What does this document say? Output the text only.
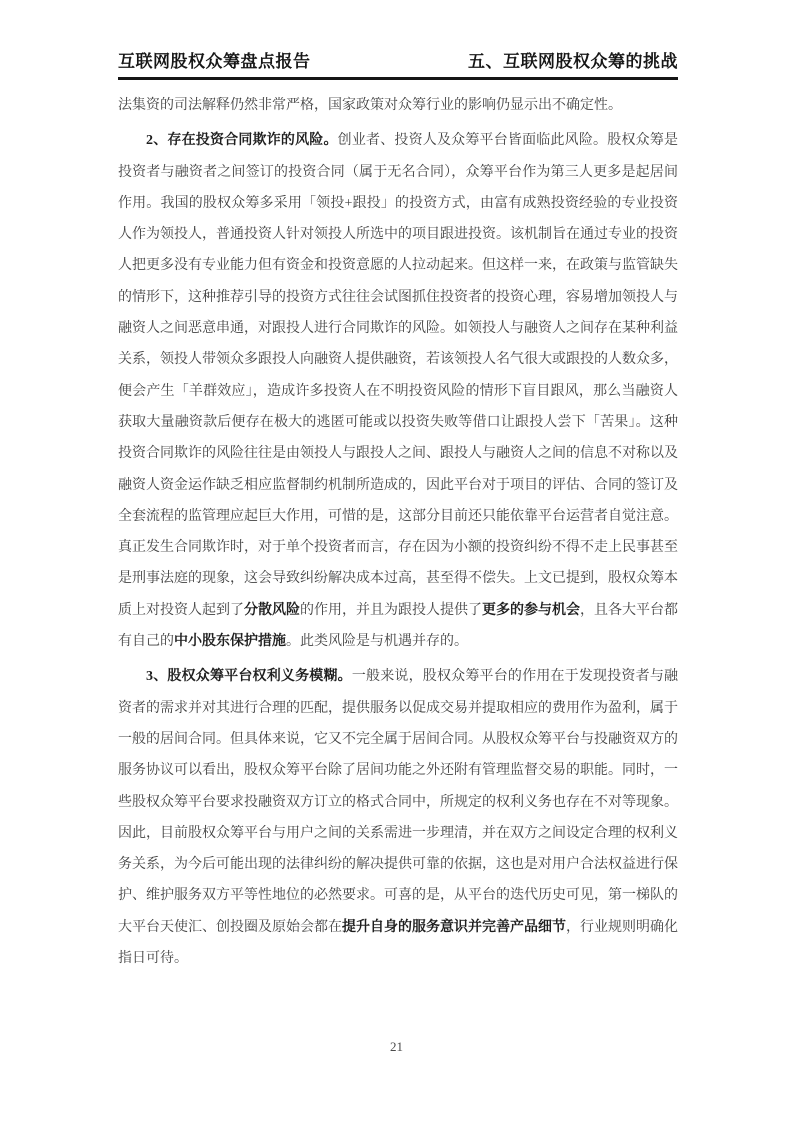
互联网股权众筹盘点报告	五、互联网股权众筹的挑战

法集资的司法解释仍然非常严格，国家政策对众筹行业的影响仍显示出不确定性。

2、存在投资合同欺诈的风险。创业者、投资人及众筹平台皆面临此风险。股权众筹是投资者与融资者之间签订的投资合同（属于无名合同），众筹平台作为第三人更多是起居间作用。我国的股权众筹多采用「领投+跟投」的投资方式，由富有成熟投资经验的专业投资人作为领投人，普通投资人针对领投人所选中的项目跟进投资。该机制旨在通过专业的投资人把更多没有专业能力但有资金和投资意愿的人拉动起来。但这样一来，在政策与监管缺失的情形下，这种推荐引导的投资方式往往会试图抓住投资者的投资心理，容易增加领投人与融资人之间恶意串通，对跟投人进行合同欺诈的风险。如领投人与融资人之间存在某种利益关系，领投人带领众多跟投人向融资人提供融资，若该领投人名气很大或跟投的人数众多，便会产生「羊群效应」，造成许多投资人在不明投资风险的情形下盲目跟风，那么当融资人获取大量融资款后便存在极大的逃匿可能或以投资失败等借口让跟投人尝下「苦果」。这种投资合同欺诈的风险往往是由领投人与跟投人之间、跟投人与融资人之间的信息不对称以及融资人资金运作缺乏相应监督制约机制所造成的，因此平台对于项目的评估、合同的签订及全套流程的监管理应起巨大作用，可惜的是，这部分目前还只能依靠平台运营者自觉注意。真正发生合同欺诈时，对于单个投资者而言，存在因为小额的投资纠纷不得不走上民事甚至是刑事法庭的现象，这会导致纠纷解决成本过高，甚至得不偿失。上文已提到，股权众筹本质上对投资人起到了分散风险的作用，并且为跟投人提供了更多的参与机会，且各大平台都有自己的中小股东保护措施。此类风险是与机遇并存的。

3、股权众筹平台权利义务模糊。一般来说，股权众筹平台的作用在于发现投资者与融资者的需求并对其进行合理的匹配，提供服务以促成交易并提取相应的费用作为盈利，属于一般的居间合同。但具体来说，它又不完全属于居间合同。从股权众筹平台与投融资双方的服务协议可以看出，股权众筹平台除了居间功能之外还附有管理监督交易的职能。同时，一些股权众筹平台要求投融资双方订立的格式合同中，所规定的权利义务也存在不对等现象。因此，目前股权众筹平台与用户之间的关系需进一步理清，并在双方之间设定合理的权利义务关系，为今后可能出现的法律纠纷的解决提供可靠的依据，这也是对用户合法权益进行保护、维护服务双方平等性地位的必然要求。可喜的是，从平台的迭代历史可见，第一梯队的大平台天使汇、创投圈及原始会都在提升自身的服务意识并完善产品细节，行业规则明确化指日可待。

21
